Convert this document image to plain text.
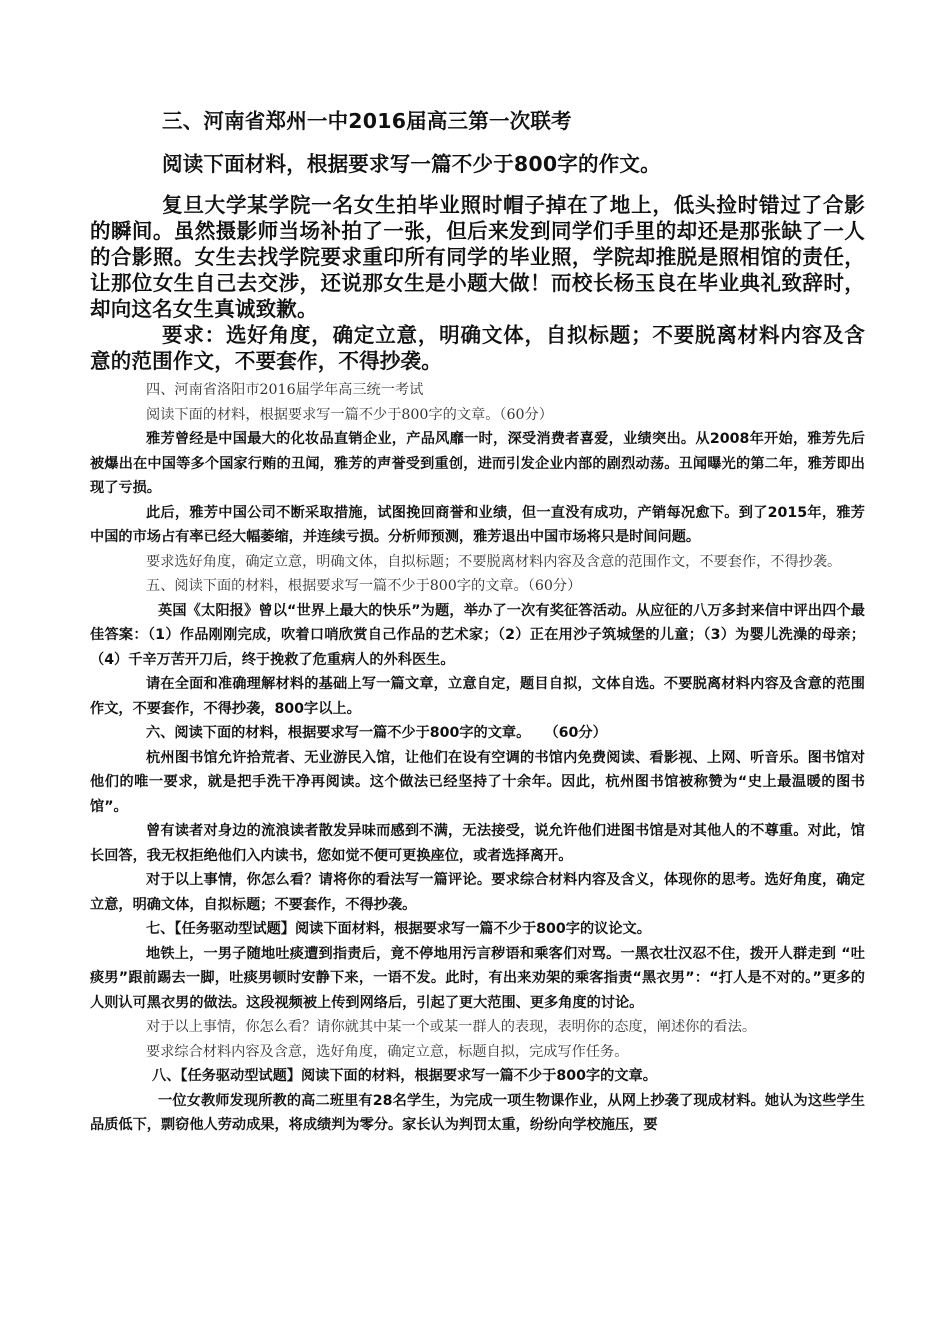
三、河南省郑州一中2016届高三第一次联考

阅读下面材料，根据要求写一篇不少于800字的作文。

复旦大学某学院一名女生拍毕业照时帽子掉在了地上，低头捡时错过了合影的瞬间。虽然摄影师当场补拍了一张，但后来发到同学们手里的却还是那张缺了一人的合影照。女生去找学院要求重印所有同学的毕业照，学院却推脱是照相馆的责任，让那位女生自己去交涉，还说那女生是小题大做！而校长杨玉良在毕业典礼致辞时，却向这名女生真诚致歉。

要求：选好角度，确定立意，明确文体，自拟标题；不要脱离材料内容及含意的范围作文，不要套作，不得抄袭。

四、河南省洛阳市2016届学年高三统一考试

阅读下面的材料，根据要求写一篇不少于800字的文章。（60分）

雅芳曾经是中国最大的化妆品直销企业，产品风靡一时，深受消费者喜爱，业绩突出。从2008年开始，雅芳先后被爆出在中国等多个国家行贿的丑闻，雅芳的声誉受到重创，进而引发企业内部的剧烈动荡。丑闻曝光的第二年，雅芳即出现了亏损。

此后，雅芳中国公司不断采取措施，试图挽回商誉和业绩，但一直没有成功，产销每况愈下。到了2015年，雅芳中国的市场占有率已经大幅萎缩，并连续亏损。分析师预测，雅芳退出中国市场将只是时间问题。

要求选好角度，确定立意，明确文体，自拟标题；不要脱离材料内容及含意的范围作文，不要套作，不得抄袭。

五、阅读下面的材料，根据要求写一篇不少于800字的文章。（60分）

英国《太阳报》曾以“世界上最大的快乐”为题，举办了一次有奖征答活动。从应征的八万多封来信中评出四个最佳答案：（1）作品刚刚完成，吹着口哨欣赏自己作品的艺术家；（2）正在用沙子筑城堡的儿童；（3）为婴儿洗澡的母亲；（4）千辛万苦开刀后，终于挽救了危重病人的外科医生。

请在全面和准确理解材料的基础上写一篇文章，立意自定，题目自拟，文体自选。不要脱离材料内容及含意的范围作文，不要套作，不得抄袭，800字以上。

六、阅读下面的材料，根据要求写一篇不少于800字的文章。　　（60分）

杭州图书馆允许拾荒者、无业游民入馆，让他们在设有空调的书馆内免费阅读、看影视、上网、听音乐。图书馆对他们的唯一要求，就是把手洗干净再阅读。这个做法已经坚持了十余年。因此，杭州图书馆被称赞为“史上最温暖的图书馆”。

曾有读者对身边的流浪读者散发异味而感到不满，无法接受，说允许他们进图书馆是对其他人的不尊重。对此，馆长回答，我无权拒绝他们入内读书，您如觉不便可更换座位，或者选择离开。

对于以上事情，你怎么看？请将你的看法写一篇评论。要求综合材料内容及含义，体现你的思考。选好角度，确定立意，明确文体，自拟标题；不要套作，不得抄袭。

七、【任务驱动型试题】阅读下面材料，根据要求写一篇不少于800字的议论文。

地铁上，一男子随地吐痰遭到指责后，竟不停地用污言秽语和乘客们对骂。一黑衣壮汉忍不住，拨开人群走到 “吐痰男”跟前踢去一脚，吐痰男顿时安静下来，一语不发。此时，有出来劝架的乘客指责“黑衣男”：“打人是不对的。”更多的人则认可黑衣男的做法。这段视频被上传到网络后，引起了更大范围、更多角度的讨论。

对于以上事情，你怎么看？请你就其中某一个或某一群人的表现，表明你的态度，阐述你的看法。

要求综合材料内容及含意，选好角度，确定立意，标题自拟，完成写作任务。

八、【任务驱动型试题】阅读下面的材料，根据要求写一篇不少于800字的文章。

一位女教师发现所教的高二班里有28名学生，为完成一项生物课作业，从网上抄袭了现成材料。她认为这些学生品质低下，剽窃他人劳动成果，将成绩判为零分。家长认为判罚太重，纷纷向学校施压，要
